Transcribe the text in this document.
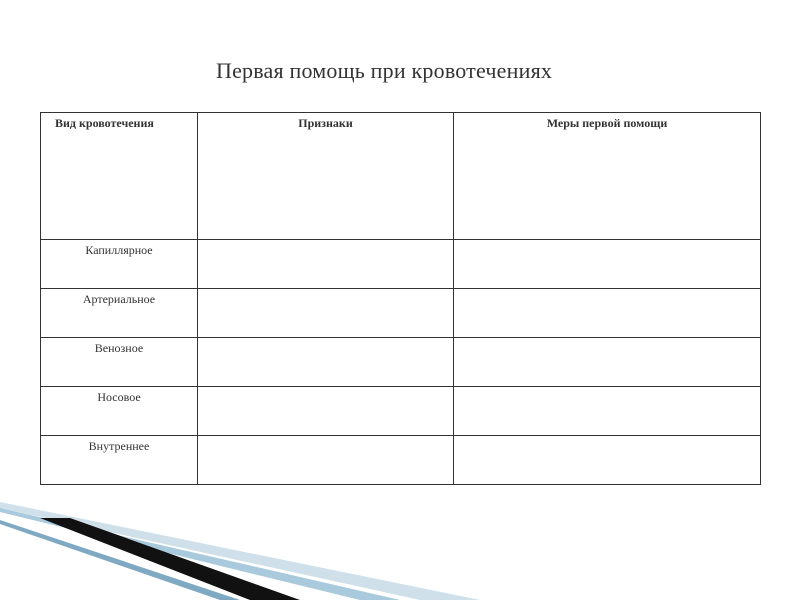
Первая помощь при кровотечениях
Вид кровотечения	Признаки	Меры первой помощи
Капиллярное		
Артериальное		
Венозное		
Носовое		
Внутреннее		
